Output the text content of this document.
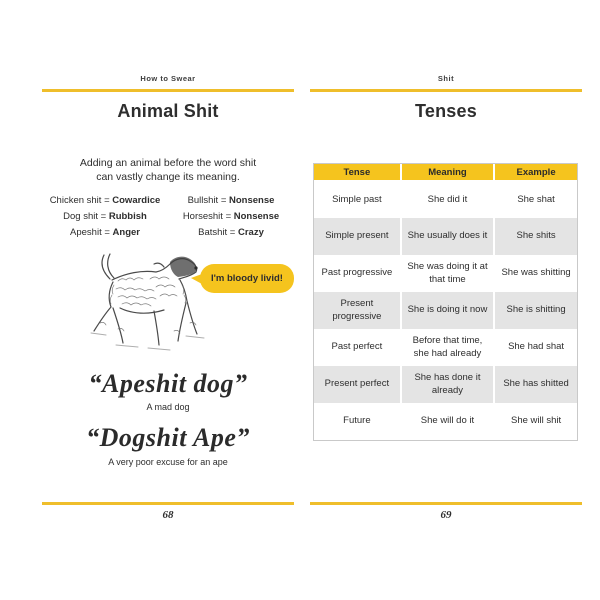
How to Swear
Animal Shit
Adding an animal before the word shit
can vastly change its meaning.
Chicken shit = Cowardice
Dog shit = Rubbish
Apeshit = Anger
Bullshit = Nonsense
Horseshit = Nonsense
Batshit = Crazy
I'm bloody livid!
“Apeshit dog”
A mad dog
“Dogshit Ape”
A very poor excuse for an ape
68
Shit
Tenses
Tense	Meaning	Example
Simple past	She did it	She shat
Simple present	She usually does it	She shits
Past progressive	She was doing it at that time	She was shitting
Present progressive	She is doing it now	She is shitting
Past perfect	Before that time, she had already	She had shat
Present perfect	She has done it already	She has shitted
Future	She will do it	She will shit
69
